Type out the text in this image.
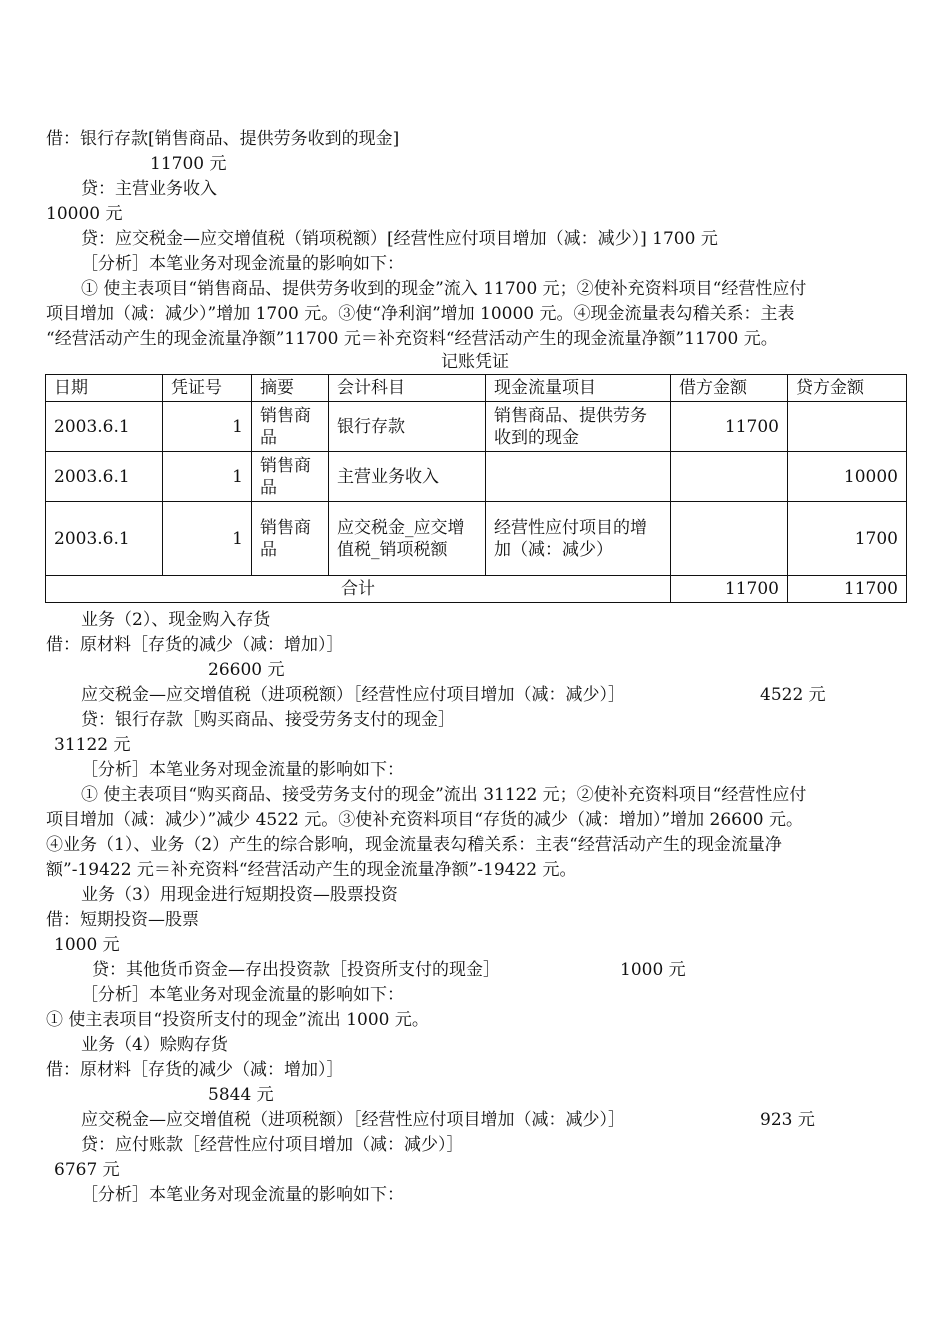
借：银行存款[销售商品、提供劳务收到的现金]
11700 元
贷：主营业务收入
10000 元
贷：应交税金—应交增值税（销项税额）[经营性应付项目增加（减：减少）] 1700 元
［分析］本笔业务对现金流量的影响如下：
① 使主表项目“销售商品、提供劳务收到的现金”流入 11700 元；②使补充资料项目“经营性应付
项目增加（减：减少）”增加 1700 元。③使“净利润”增加 10000 元。④现金流量表勾稽关系：主表
“经营活动产生的现金流量净额”11700 元＝补充资料“经营活动产生的现金流量净额”11700 元。
记账凭证
日期	凭证号	摘要	会计科目	现金流量项目	借方金额	贷方金额
2003.6.1	1	销售商品	银行存款	销售商品、提供劳务收到的现金	11700	
2003.6.1	1	销售商品	主营业务收入			10000
2003.6.1	1	销售商品	应交税金_应交增值税_销项税额	经营性应付项目的增加（减：减少）		1700
合计					11700	11700
业务（2）、现金购入存货
借：原材料［存货的减少（减：增加）］
26600 元
应交税金—应交增值税（进项税额）［经营性应付项目增加（减：减少）］	4522 元
贷：银行存款［购买商品、接受劳务支付的现金］
31122 元
［分析］本笔业务对现金流量的影响如下：
① 使主表项目“购买商品、接受劳务支付的现金”流出 31122 元；②使补充资料项目“经营性应付
项目增加（减：减少）”减少 4522 元。③使补充资料项目“存货的减少（减：增加）”增加 26600 元。
④业务（1）、业务（2）产生的综合影响，现金流量表勾稽关系：主表“经营活动产生的现金流量净
额”-19422 元＝补充资料“经营活动产生的现金流量净额”-19422 元。
业务（3）用现金进行短期投资—股票投资
借：短期投资—股票
1000 元
贷：其他货币资金—存出投资款［投资所支付的现金］	1000 元
［分析］本笔业务对现金流量的影响如下：
① 使主表项目“投资所支付的现金”流出 1000 元。
业务（4）赊购存货
借：原材料［存货的减少（减：增加）］
5844 元
应交税金—应交增值税（进项税额）［经营性应付项目增加（减：减少）］	923 元
贷：应付账款［经营性应付项目增加（减：减少）］
6767 元
［分析］本笔业务对现金流量的影响如下：
